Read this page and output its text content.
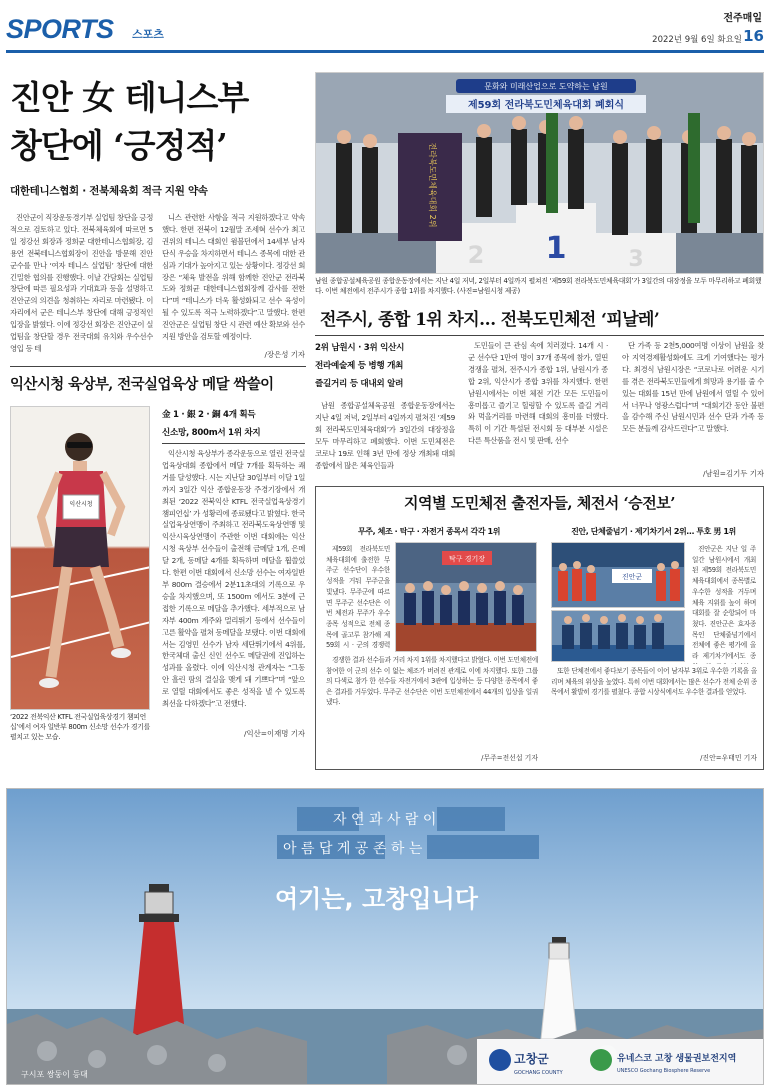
SPORTS 스포츠
전주매일
2022년 9월 6일 화요일 16
진안 女 테니스부
창단에 ‘긍정적’
대한테니스협회 · 전북체육회 적극 지원 약속

진안군이 직장운동경기부 실업팀 창단을 긍정적으로 검토하고 있다. 전북체육회에 따르면 5일 정강선 회장과 정희균 대한테니스협회장, 김용연 전북테니스협회장이 진안을 방문해 진안군수를 만나 ‘여자 테니스 실업팀’ 창단에 대한 긴밀한 협의를 진행했다. 이날 간담회는 실업팀 창단에 따른 필요성과 기대효과 등을 설명하고 진안군의 의견을 청취하는 자리로 마련됐다. 이 자리에서 군은 테니스부 창단에 대해 긍정적인 입장을 밝혔다. 이에 정강선 회장은 진안군이 실업팀을 창단할 경우 전국대회 유치와 우수선수 영입 등 테

니스 관련한 사항을 적극 지원하겠다고 약속했다. 한편 전북이 12월말 조세혁 선수가 최고 권위의 테니스 대회인 윔블던에서 14세부 남자단식 우승을 차지하면서 테니스 종목에 대한 관심과 기대가 높아지고 있는 상황이다. 정강선 회장은 “체육 발전을 위해 함께한 진안군 전라북도와 정희균 대한테니스협회장께 감사를 전한다”며 “테니스가 더욱 활성화되고 선수 육성이 될 수 있도록 적극 노력하겠다”고 말했다. 한편 진안군은 실업팀 창단 시 관련 예산 확보와 선수 지원 방안을 검토할 예정이다.

/장은성 기자
익산시청 육상부, 전국실업육상 메달 싹쓸이
익산시청
‘2022 전북익산 KTFL 전국실업육상경기 챔피언십’에서 여자 일반부 800m 신소망 선수가 경기를 펼치고 있는 모습.
金 1 · 銀 2 · 銅 4개 획득
신소망, 800m서 1위 차지

익산시청 육상부가 종각운동으로 열린 전국실업육상대회 종합에서 메달 7개를 획득하는 쾌거를 달성했다. 시는 지난달 30일부터 이달 1일까지 3일간 익산 종합운동장 주경기장에서 개최된 ‘2022 전북익산 KTFL 전국실업육상경기 챔피언십’ 가 성황리에 종료됐다고 밝혔다. 한국실업육상연맹이 주최하고 전라북도육상연맹 및 익산시육상연맹이 주관한 이번 대회에는 익산시청 육상부 선수들이 출전해 금메달 1개, 은메달 2개, 동메달 4개를 획득하며 메달을 휩쓸었다. 한편 이번 대회에서 신소망 선수는 여자일반부 800m 결승에서 2분11초대의 기록으로 우승을 차지했으며, 또 1500m 에서도 3분에 근접한 기록으로 메달을 추가했다. 세부적으로 남자부 400m 계주와 멀리뛰기 등에서 선수들이 고른 활약을 펼쳐 동메달을 보탰다. 이번 대회에서는 김영민 선수가 남자 세단뛰기에서 4위를, 한국체대 출신 신인 선수도 메달권에 진입하는 성과를 올렸다. 이에 익산시청 관계자는 “그동안 흘린 땀의 결실을 맺게 돼 기쁘다”며 “앞으로 열릴 대회에서도 좋은 성적을 낼 수 있도록 최선을 다하겠다”고 전했다.

/익산=이재명 기자
문화와 미래산업으로 도약하는 남원
제59회 전라북도민체육대회 폐회식
2 1	3
전라북도민체육대회 2위
남원 종합공설체육공원 종합운동장에서는 지난 4일 저녁, 2일부터 4일까지 펼쳐진 ‘제59회 전라북도민체육대회’가 3일간의 대장정을 모두 마무리하고 폐회했다. 이번 체전에서 전주시가 종합 1위를 차지했다. (사진=남원시청 제공)
전주시, 종합 1위 차지… 전북도민체전 ‘피날레’
2위 남원시 · 3위 익산시
전라예술제 등 병행 개최
즐길거리 등 대내외 알려

남원 종합공설체육공원 종합운동장에서는 지난 4일 저녁, 2일부터 4일까지 펼쳐진 ‘제59회 전라북도민체육대회’가 3일간의 대장정을 모두 마무리하고 폐회했다. 이번 도민체전은 코로나 19로 인해 3년 만에 정상 개최돼 대회 종합에서 많은 체육인들과

도민들이 큰 관심 속에 치러졌다. 14개 시 · 군 선수단 1만여 명이 37개 종목에 참가, 열띤 경쟁을 펼쳐, 전주시가 종합 1위, 남원시가 종합 2위, 익산시가 종합 3위를 차지했다. 한편 남원시에서는 이번 체전 기간 모든 도민들이 흥미롭고 즐기고 힐링할 수 있도록 즐길 거리와 먹을거리를 마련해 대회의 흥미를 더했다. 특히 이 기간 특설된 전시회 등 대부분 시설은 다른 특산품을 전시 및 판매, 선수

단 가족 등 2천5,000여명 이상이 남원을 찾아 지역경제활성화에도 크게 기여했다는 평가다. 최경식 남원시장은 “코로나로 어려운 시기를 겪은 전라북도민들에게 희망과 용기를 줄 수 있는 대회를 15년 만에 남원에서 열릴 수 있어서 너무나 영광스럽다”며 “대회기간 동안 불편을 감수해 주신 남원시민과 선수 단과 가족 등 모든 분들께 감사드린다”고 말했다.

/남원=김기두 기자
지역별 도민체전 출전자들, 체전서 ‘승전보’
무주, 체조 · 탁구 · 자전거 종목서 각각 1위	진안, 단체줄넘기 · 제기차기서 2위… 투호 男 1위

제59회 전라북도민체육대회에 출전한 무주군 선수단이 우수한 성적을 거둬 무주군을 빛냈다. 무주군에 따르면 무주군 선수단은 이번 체전과 무주가 우수 종목 성적으로 전체 종목에 골고루 참가해 제 59회 시 · 군의 경쟁력

탁구 경기장

경쟁한 결과 선수들과 거리 차지 1위를 차지했다고 밝혔다. 이번 도민체전에 참여한 이 군의 선수 이 없는 체조가 버려진 관계로 이에 차지했다. 또한 그룹의 다색로 참가 한 선수들 자전거에서 3관에 입상하는 등 다양한 종목에서 좋은 결과를 거두었다. 무주군 선수단은 이번 도민체전에서 44개의 입상을 일궈냈다.

/무주=전선섭 기자
진안군

진안군은 지난 일 주일간 남원시에서 개최된 제59회 전라북도민체육대회에서 종목별로 우수한 성적을 거두며 체육 지위를 높이 하며 대회를 잘 순항되어 마쳤다. 진안군은 효자종목인 단체줄넘기에서 전체에 좋은 평가에 올라 제기차기에서도 종

또한 단체전에서 좋다보기 종목들이 이어 남자부 3위로 우수한 기록을 올리며 체육의 위상을 높였다. 특히 이번 대회에서는 많은 선수가 전체 순위 종목에서 활발히 경기를 펼쳤다. 종합 시상식에서도 우수한 결과를 얻었다.

/진안=우태민 기자
자 연 과 사 람 이
아 름 답 게 공 존 하 는
여기는, 고창입니다
고창군
GOCHANG COUNTY
유네스코 고창 생물권보전지역
UNESCO Gochang Biosphere Reserve
구시포 쌍둥이 등대
